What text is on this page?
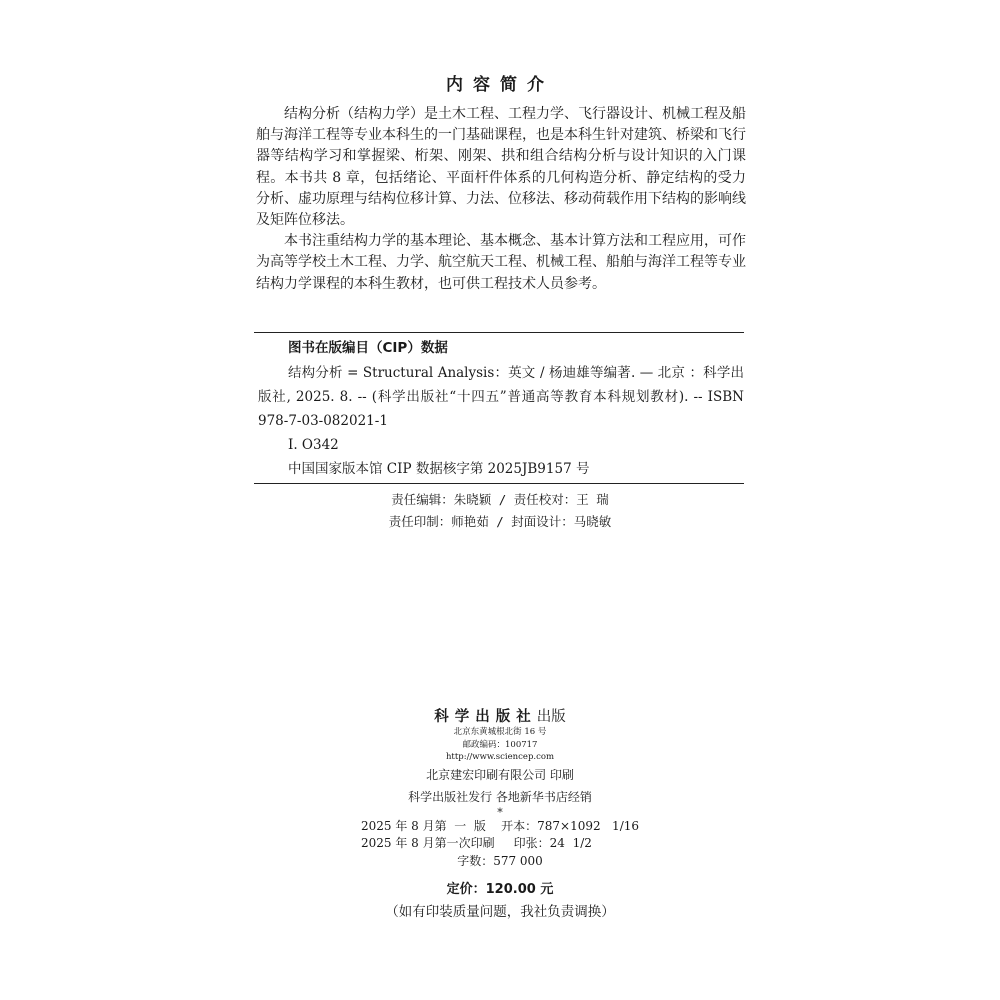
内容简介

结构分析（结构力学）是土木工程、工程力学、飞行器设计、机械工程及船舶与海洋工程等专业本科生的一门基础课程，也是本科生针对建筑、桥梁和飞行器等结构学习和掌握梁、桁架、刚架、拱和组合结构分析与设计知识的入门课程。本书共 8 章，包括绪论、平面杆件体系的几何构造分析、静定结构的受力分析、虚功原理与结构位移计算、力法、位移法、移动荷载作用下结构的影响线及矩阵位移法。

本书注重结构力学的基本理论、基本概念、基本计算方法和工程应用，可作为高等学校土木工程、力学、航空航天工程、机械工程、船舶与海洋工程等专业结构力学课程的本科生教材，也可供工程技术人员参考。

图书在版编目（CIP）数据
结构分析 = Structural Analysis：英文 / 杨迪雄等编著. — 北京 ：科学出版社, 2025. 8. -- (科学出版社“十四五”普通高等教育本科规划教材). -- ISBN 978-7-03-082021-1
Ⅰ. O342
中国国家版本馆 CIP 数据核字第 2025JB9157 号
责任编辑：朱晓颖 / 责任校对：王 瑞
责任印制：师艳茹 / 封面设计：马晓敏
科学出版社出版
北京东黄城根北街 16 号
邮政编码：100717
http://www.sciencep.com
北京建宏印刷有限公司 印刷
科学出版社发行 各地新华书店经销
*
2025 年 8 月第  一  版    开本：787×1092   1/16
2025 年 8 月第一次印刷     印张：24  1/2
字数：577 000
定价：120.00 元
（如有印装质量问题，我社负责调换）
